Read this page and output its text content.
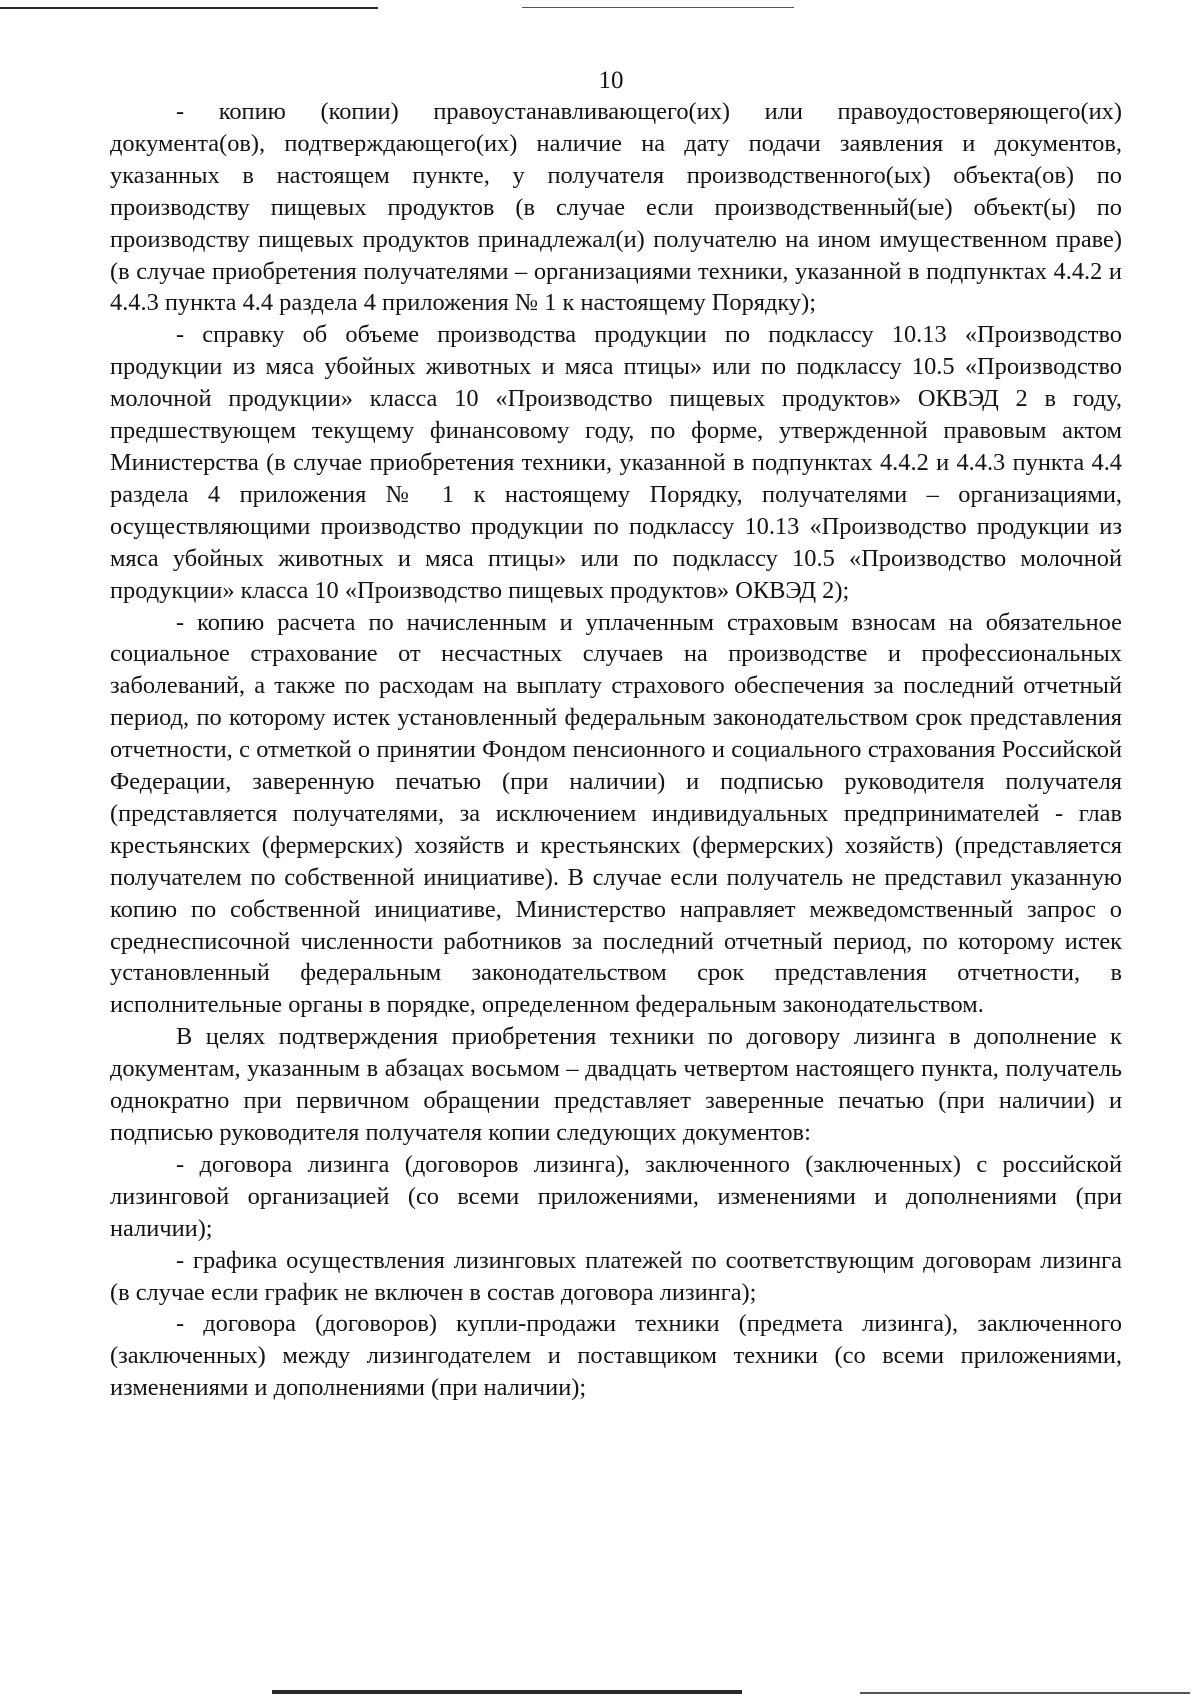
10

- копию (копии) правоустанавливающего(их) или правоудостоверяющего(их) документа(ов), подтверждающего(их) наличие на дату подачи заявления и документов, указанных в настоящем пункте, у получателя производственного(ых) объекта(ов) по производству пищевых продуктов (в случае если производственный(ые) объект(ы) по производству пищевых продуктов принадлежал(и) получателю на ином имущественном праве) (в случае приобретения получателями – организациями техники, указанной в подпунктах 4.4.2 и 4.4.3 пункта 4.4 раздела 4 приложения № 1 к настоящему Порядку);

- справку об объеме производства продукции по подклассу 10.13 «Производство продукции из мяса убойных животных и мяса птицы» или по подклассу 10.5 «Производство молочной продукции» класса 10 «Производство пищевых продуктов» ОКВЭД 2 в году, предшествующем текущему финансовому году, по форме, утвержденной правовым актом Министерства (в случае приобретения техники, указанной в подпунктах 4.4.2 и 4.4.3 пункта 4.4 раздела 4 приложения № 1 к настоящему Порядку, получателями – организациями, осуществляющими производство продукции по подклассу 10.13 «Производство продукции из мяса убойных животных и мяса птицы» или по подклассу 10.5 «Производство молочной продукции» класса 10 «Производство пищевых продуктов» ОКВЭД 2);

- копию расчета по начисленным и уплаченным страховым взносам на обязательное социальное страхование от несчастных случаев на производстве и профессиональных заболеваний, а также по расходам на выплату страхового обеспечения за последний отчетный период, по которому истек установленный федеральным законодательством срок представления отчетности, с отметкой о принятии Фондом пенсионного и социального страхования Российской Федерации, заверенную печатью (при наличии) и подписью руководителя получателя (представляется получателями, за исключением индивидуальных предпринимателей - глав крестьянских (фермерских) хозяйств и крестьянских (фермерских) хозяйств) (представляется получателем по собственной инициативе). В случае если получатель не представил указанную копию по собственной инициативе, Министерство направляет межведомственный запрос о среднесписочной численности работников за последний отчетный период, по которому истек установленный федеральным законодательством срок представления отчетности, в исполнительные органы в порядке, определенном федеральным законодательством.

В целях подтверждения приобретения техники по договору лизинга в дополнение к документам, указанным в абзацах восьмом – двадцать четвертом настоящего пункта, получатель однократно при первичном обращении представляет заверенные печатью (при наличии) и подписью руководителя получателя копии следующих документов:

- договора лизинга (договоров лизинга), заключенного (заключенных) с российской лизинговой организацией (со всеми приложениями, изменениями и дополнениями (при наличии);

- графика осуществления лизинговых платежей по соответствующим договорам лизинга (в случае если график не включен в состав договора лизинга);

- договора (договоров) купли-продажи техники (предмета лизинга), заключенного (заключенных) между лизингодателем и поставщиком техники (со всеми приложениями, изменениями и дополнениями (при наличии);
